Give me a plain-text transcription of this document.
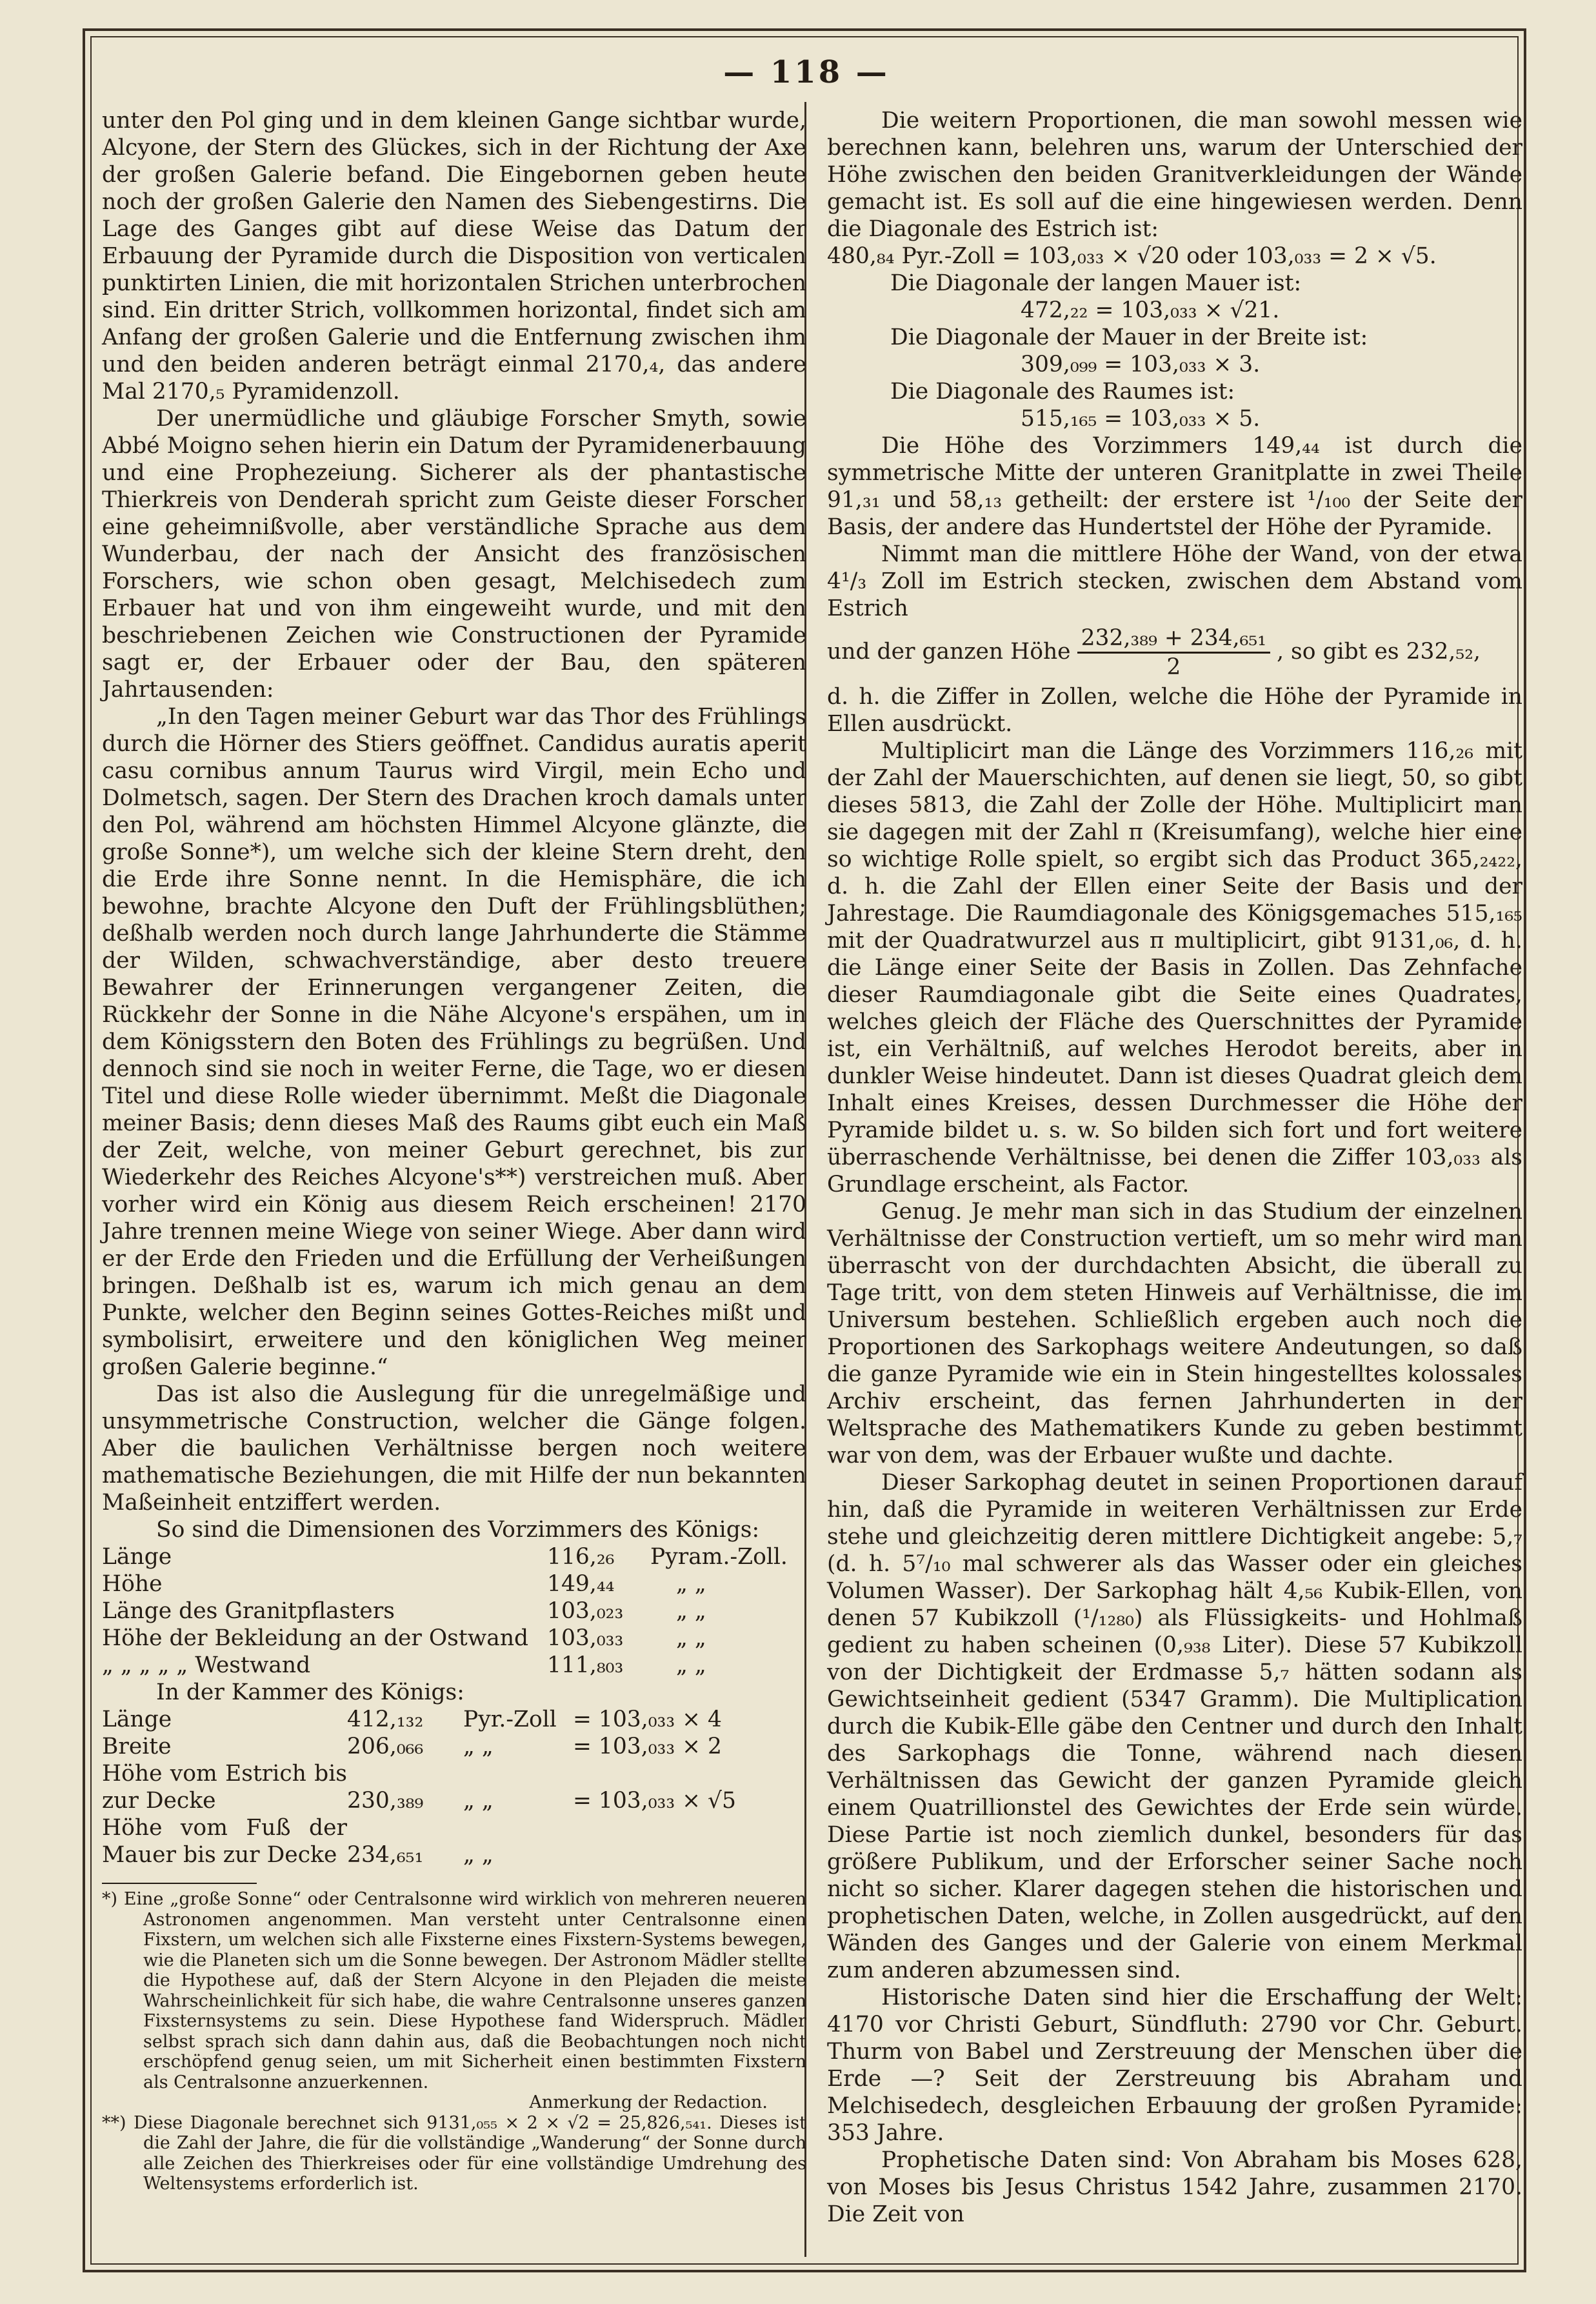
— 118 —

unter den Pol ging und in dem kleinen Gange sichtbar wurde, Alcyone, der Stern des Glückes, sich in der Richtung der Axe der großen Galerie befand. Die Eingebornen geben heute noch der großen Galerie den Namen des Siebengestirns. Die Lage des Ganges gibt auf diese Weise das Datum der Erbauung der Pyramide durch die Disposition von verticalen punktirten Linien, die mit horizontalen Strichen unterbrochen sind. Ein dritter Strich, vollkommen horizontal, findet sich am Anfang der großen Galerie und die Entfernung zwischen ihm und den beiden anderen beträgt einmal 2170,₄, das andere Mal 2170,₅ Pyramidenzoll.

Der unermüdliche und gläubige Forscher Smyth, sowie Abbé Moigno sehen hierin ein Datum der Pyramidenerbauung und eine Prophezeiung. Sicherer als der phantastische Thierkreis von Denderah spricht zum Geiste dieser Forscher eine geheimnißvolle, aber verständliche Sprache aus dem Wunderbau, der nach der Ansicht des französischen Forschers, wie schon oben gesagt, Melchisedech zum Erbauer hat und von ihm eingeweiht wurde, und mit den beschriebenen Zeichen wie Constructionen der Pyramide sagt er, der Erbauer oder der Bau, den späteren Jahrtausenden:

„In den Tagen meiner Geburt war das Thor des Frühlings durch die Hörner des Stiers geöffnet. Candidus auratis aperit casu cornibus annum Taurus wird Virgil, mein Echo und Dolmetsch, sagen. Der Stern des Drachen kroch damals unter den Pol, während am höchsten Himmel Alcyone glänzte, die große Sonne*), um welche sich der kleine Stern dreht, den die Erde ihre Sonne nennt. In die Hemisphäre, die ich bewohne, brachte Alcyone den Duft der Frühlingsblüthen; deßhalb werden noch durch lange Jahrhunderte die Stämme der Wilden, schwachverständige, aber desto treuere Bewahrer der Erinnerungen vergangener Zeiten, die Rückkehr der Sonne in die Nähe Alcyone's erspähen, um in dem Königsstern den Boten des Frühlings zu begrüßen. Und dennoch sind sie noch in weiter Ferne, die Tage, wo er diesen Titel und diese Rolle wieder übernimmt. Meßt die Diagonale meiner Basis; denn dieses Maß des Raums gibt euch ein Maß der Zeit, welche, von meiner Geburt gerechnet, bis zur Wiederkehr des Reiches Alcyone's**) verstreichen muß. Aber vorher wird ein König aus diesem Reich erscheinen! 2170 Jahre trennen meine Wiege von seiner Wiege. Aber dann wird er der Erde den Frieden und die Erfüllung der Verheißungen bringen. Deßhalb ist es, warum ich mich genau an dem Punkte, welcher den Beginn seines Gottes-Reiches mißt und symbolisirt, erweitere und den königlichen Weg meiner großen Galerie beginne.“

Das ist also die Auslegung für die unregelmäßige und unsymmetrische Construction, welcher die Gänge folgen. Aber die baulichen Verhältnisse bergen noch weitere mathematische Beziehungen, die mit Hilfe der nun bekannten Maßeinheit entziffert werden.

So sind die Dimensionen des Vorzimmers des Königs:

Länge	116,₂₆	Pyram.-Zoll.
Höhe	149,₄₄	„ „
Länge des Granitpflasters	103,₀₂₃	„ „
Höhe der Bekleidung an der Ostwand	103,₀₃₃	„ „
„ „ „ „ „ Westwand	111,₈₀₃	„ „

In der Kammer des Königs:

Länge	412,₁₃₂	Pyr.-Zoll	= 103,₀₃₃ × 4
Breite	206,₀₆₆	„ „	= 103,₀₃₃ × 2
Höhe vom Estrich bis zur Decke	230,₃₈₉	„ „	= 103,₀₃₃ × √5
Höhe vom Fuß der Mauer bis zur Decke	234,₆₅₁	„ „	

*) Eine „große Sonne“ oder Centralsonne wird wirklich von mehreren neueren Astronomen angenommen. Man versteht unter Centralsonne einen Fixstern, um welchen sich alle Fixsterne eines Fixstern-Systems bewegen, wie die Planeten sich um die Sonne bewegen. Der Astronom Mädler stellte die Hypothese auf, daß der Stern Alcyone in den Plejaden die meiste Wahrscheinlichkeit für sich habe, die wahre Centralsonne unseres ganzen Fixsternsystems zu sein. Diese Hypothese fand Widerspruch. Mädler selbst sprach sich dann dahin aus, daß die Beobachtungen noch nicht erschöpfend genug seien, um mit Sicherheit einen bestimmten Fixstern als Centralsonne anzuerkennen.

Anmerkung der Redaction.

**) Diese Diagonale berechnet sich 9131,₀₅₅ × 2 × √2 = 25,826,₅₄₁. Dieses ist die Zahl der Jahre, die für die vollständige „Wanderung“ der Sonne durch alle Zeichen des Thierkreises oder für eine vollständige Umdrehung des Weltensystems erforderlich ist.

Die weitern Proportionen, die man sowohl messen wie berechnen kann, belehren uns, warum der Unterschied der Höhe zwischen den beiden Granitverkleidungen der Wände gemacht ist. Es soll auf die eine hingewiesen werden. Denn die Diagonale des Estrich ist:

480,₈₄ Pyr.-Zoll = 103,₀₃₃ × √20 oder 103,₀₃₃ = 2 × √5.

Die Diagonale der langen Mauer ist:

472,₂₂ = 103,₀₃₃ × √21.

Die Diagonale der Mauer in der Breite ist:

309,₀₉₉ = 103,₀₃₃ × 3.

Die Diagonale des Raumes ist:

515,₁₆₅ = 103,₀₃₃ × 5.

Die Höhe des Vorzimmers 149,₄₄ ist durch die symmetrische Mitte der unteren Granitplatte in zwei Theile 91,₃₁ und 58,₁₃ getheilt: der erstere ist ¹/₁₀₀ der Seite der Basis, der andere das Hundertstel der Höhe der Pyramide.

Nimmt man die mittlere Höhe der Wand, von der etwa 4¹/₃ Zoll im Estrich stecken, zwischen dem Abstand vom Estrich

und der ganzen Höhe $\frac{\text{232,₃₈₉ + 234,₆₅₁}}{2}$ , so gibt es 232,₅₂,

d. h. die Ziffer in Zollen, welche die Höhe der Pyramide in Ellen ausdrückt.

Multiplicirt man die Länge des Vorzimmers 116,₂₆ mit der Zahl der Mauerschichten, auf denen sie liegt, 50, so gibt dieses 5813, die Zahl der Zolle der Höhe. Multiplicirt man sie dagegen mit der Zahl π (Kreisumfang), welche hier eine so wichtige Rolle spielt, so ergibt sich das Product 365,₂₄₂₂, d. h. die Zahl der Ellen einer Seite der Basis und der Jahrestage. Die Raumdiagonale des Königsgemaches 515,₁₆₅ mit der Quadratwurzel aus π multiplicirt, gibt 9131,₀₆, d. h. die Länge einer Seite der Basis in Zollen. Das Zehnfache dieser Raumdiagonale gibt die Seite eines Quadrates, welches gleich der Fläche des Querschnittes der Pyramide ist, ein Verhältniß, auf welches Herodot bereits, aber in dunkler Weise hindeutet. Dann ist dieses Quadrat gleich dem Inhalt eines Kreises, dessen Durchmesser die Höhe der Pyramide bildet u. s. w. So bilden sich fort und fort weitere überraschende Verhältnisse, bei denen die Ziffer 103,₀₃₃ als Grundlage erscheint, als Factor.

Genug. Je mehr man sich in das Studium der einzelnen Verhältnisse der Construction vertieft, um so mehr wird man überrascht von der durchdachten Absicht, die überall zu Tage tritt, von dem steten Hinweis auf Verhältnisse, die im Universum bestehen. Schließlich ergeben auch noch die Proportionen des Sarkophags weitere Andeutungen, so daß die ganze Pyramide wie ein in Stein hingestelltes kolossales Archiv erscheint, das fernen Jahrhunderten in der Weltsprache des Mathematikers Kunde zu geben bestimmt war von dem, was der Erbauer wußte und dachte.

Dieser Sarkophag deutet in seinen Proportionen darauf hin, daß die Pyramide in weiteren Verhältnissen zur Erde stehe und gleichzeitig deren mittlere Dichtigkeit angebe: 5,₇ (d. h. 5⁷/₁₀ mal schwerer als das Wasser oder ein gleiches Volumen Wasser). Der Sarkophag hält 4,₅₆ Kubik-Ellen, von denen 57 Kubikzoll (¹/₁₂₈₀) als Flüssigkeits- und Hohlmaß gedient zu haben scheinen (0,₉₃₈ Liter). Diese 57 Kubikzoll von der Dichtigkeit der Erdmasse 5,₇ hätten sodann als Gewichtseinheit gedient (5347 Gramm). Die Multiplication durch die Kubik-Elle gäbe den Centner und durch den Inhalt des Sarkophags die Tonne, während nach diesen Verhältnissen das Gewicht der ganzen Pyramide gleich einem Quatrillionstel des Gewichtes der Erde sein würde. Diese Partie ist noch ziemlich dunkel, besonders für das größere Publikum, und der Erforscher seiner Sache noch nicht so sicher. Klarer dagegen stehen die historischen und prophetischen Daten, welche, in Zollen ausgedrückt, auf den Wänden des Ganges und der Galerie von einem Merkmal zum anderen abzumessen sind.

Historische Daten sind hier die Erschaffung der Welt: 4170 vor Christi Geburt, Sündfluth: 2790 vor Chr. Geburt. Thurm von Babel und Zerstreuung der Menschen über die Erde —? Seit der Zerstreuung bis Abraham und Melchisedech, desgleichen Erbauung der großen Pyramide: 353 Jahre.

Prophetische Daten sind: Von Abraham bis Moses 628, von Moses bis Jesus Christus 1542 Jahre, zusammen 2170. Die Zeit von
